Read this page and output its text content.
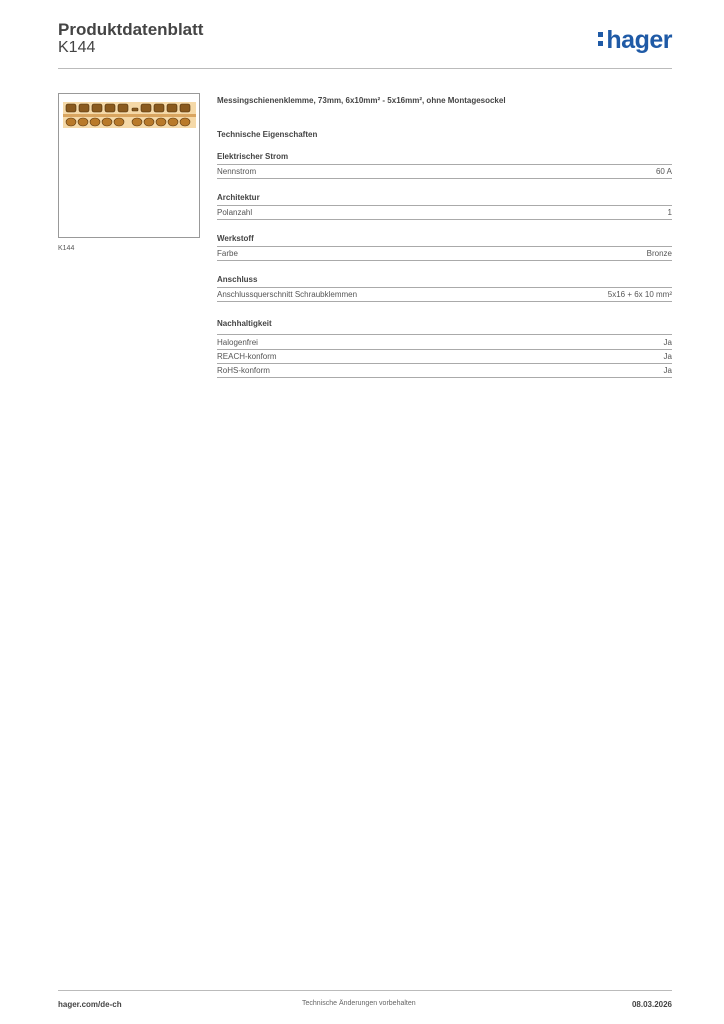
Produktdatenblatt
K144	hager
K144
Messingschienenklemme, 73mm, 6x10mm² - 5x16mm², ohne Montagesockel
Technische Eigenschaften
Elektrischer Strom
Nennstrom	60 A
Architektur
Polanzahl	1
Werkstoff
Farbe	Bronze
Anschluss
Anschlussquerschnitt Schraubklemmen	5x16 + 6x 10 mm²
Nachhaltigkeit
Halogenfrei	Ja
REACH-konform	Ja
RoHS-konform	Ja
hager.com/de-ch	Technische Änderungen vorbehalten	08.03.2026
